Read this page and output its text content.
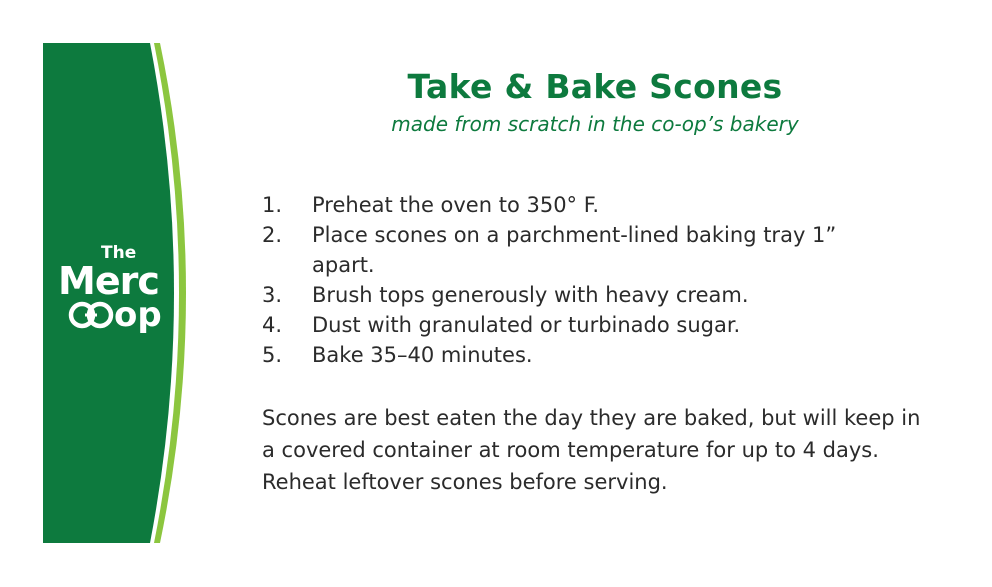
The
Merc
op
Take & Bake Scones

made from scratch in the co-op’s bakery

1.	Preheat the oven to 350° F.
2.	Place scones on a parchment-lined baking tray 1” apart.
3.	Brush tops generously with heavy cream.
4.	Dust with granulated or turbinado sugar.
5.	Bake 35–40 minutes.

Scones are best eaten the day they are baked, but will keep in a covered container at room temperature for up to 4 days. Reheat leftover scones before serving.
